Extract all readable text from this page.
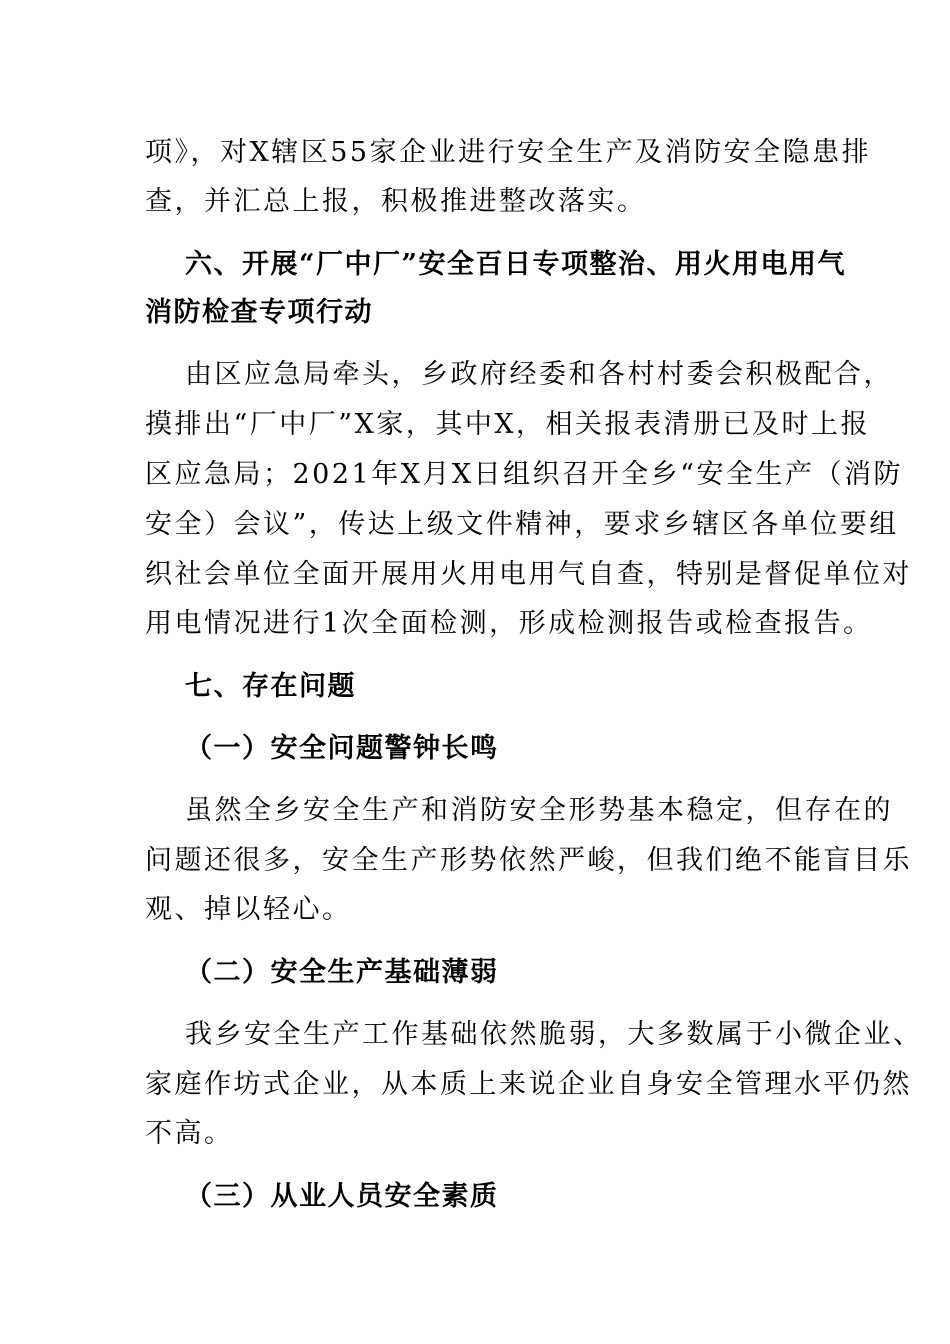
项》，对X辖区55家企业进行安全生产及消防安全隐患排
查，并汇总上报，积极推进整改落实。
六、开展“厂中厂”安全百日专项整治、用火用电用气
消防检查专项行动
由区应急局牵头，乡政府经委和各村村委会积极配合，
摸排出“厂中厂”X家，其中X，相关报表清册已及时上报
区应急局；2021年X月X日组织召开全乡“安全生产（消防
安全）会议”，传达上级文件精神，要求乡辖区各单位要组
织社会单位全面开展用火用电用气自查，特别是督促单位对
用电情况进行1次全面检测，形成检测报告或检查报告。
七、存在问题
（一）安全问题警钟长鸣
虽然全乡安全生产和消防安全形势基本稳定，但存在的
问题还很多，安全生产形势依然严峻，但我们绝不能盲目乐
观、掉以轻心。
（二）安全生产基础薄弱
我乡安全生产工作基础依然脆弱，大多数属于小微企业、
家庭作坊式企业，从本质上来说企业自身安全管理水平仍然
不高。
（三）从业人员安全素质
